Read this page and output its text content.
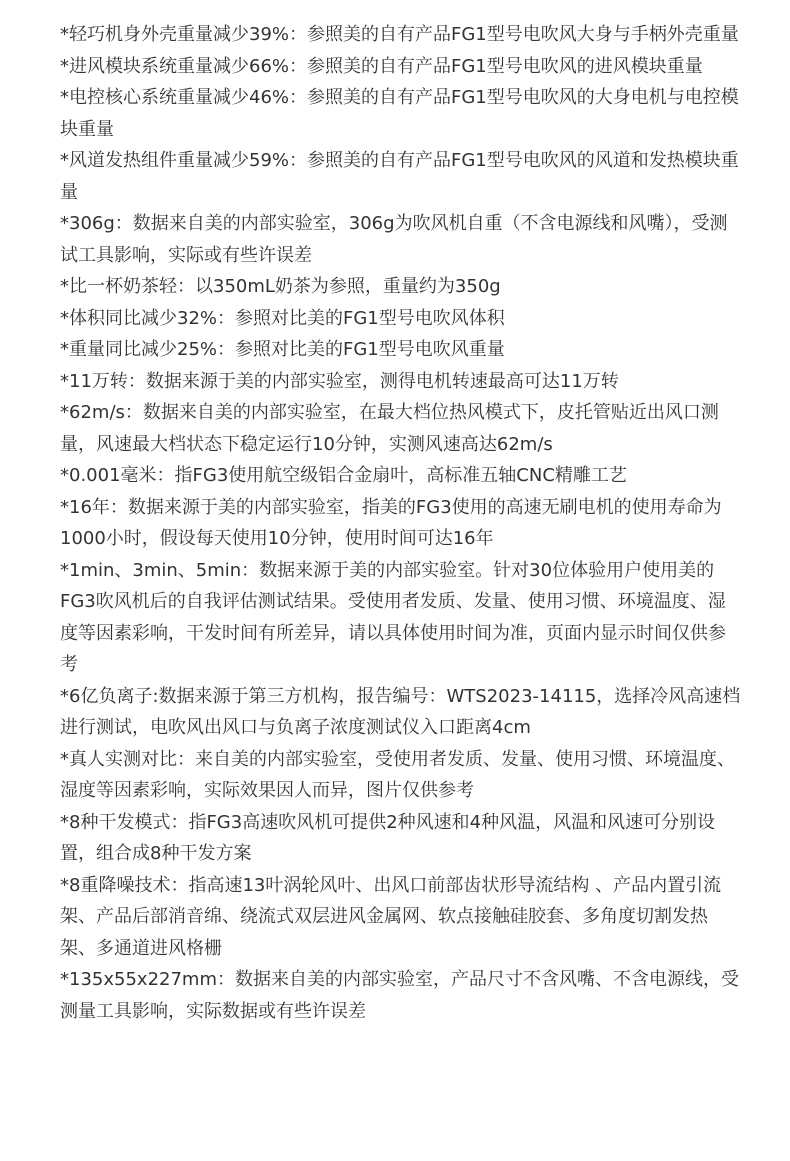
*轻巧机身外壳重量减少39%：参照美的自有产品FG1型号电吹风大身与手柄外壳重量
*进风模块系统重量减少66%：参照美的自有产品FG1型号电吹风的进风模块重量
*电控核心系统重量减少46%：参照美的自有产品FG1型号电吹风的大身电机与电控模
块重量
*风道发热组件重量减少59%：参照美的自有产品FG1型号电吹风的风道和发热模块重
量
*306g：数据来自美的内部实验室，306g为吹风机自重（不含电源线和风嘴），受测
试工具影响，实际或有些许误差
*比一杯奶茶轻：以350mL奶茶为参照，重量约为350g
*体积同比减少32%：参照对比美的FG1型号电吹风体积
*重量同比减少25%：参照对比美的FG1型号电吹风重量
*11万转：数据来源于美的内部实验室，测得电机转速最高可达11万转
*62m/s：数据来自美的内部实验室，在最大档位热风模式下，皮托管贴近出风口测
量，风速最大档状态下稳定运行10分钟，实测风速高达62m/s
*0.001毫米：指FG3使用航空级铝合金扇叶，高标准五轴CNC精雕工艺
*16年：数据来源于美的内部实验室，指美的FG3使用的高速无刷电机的使用寿命为
1000小时，假设每天使用10分钟，使用时间可达16年
*1min、3min、5min：数据来源于美的内部实验室。针对30位体验用户使用美的
FG3吹风机后的自我评估测试结果。受使用者发质、发量、使用习惯、环境温度、湿
度等因素彩响，干发时间有所差异，请以具体使用时间为准，页面内显示时间仅供参
考
*6亿负离子:数据来源于第三方机构，报告编号：WTS2023-14115，选择冷风高速档
进行测试，电吹风出风口与负离子浓度测试仪入口距离4cm
*真人实测对比：来自美的内部实验室，受使用者发质、发量、使用习惯、环境温度、
湿度等因素彩响，实际效果因人而异，图片仅供参考
*8种干发模式：指FG3高速吹风机可提供2种风速和4种风温，风温和风速可分别设
置，组合成8种干发方案
*8重降噪技术：指高速13叶涡轮风叶、出风口前部齿状形导流结构 、产品内置引流
架、产品后部消音绵、绕流式双层进风金属网、软点接触硅胶套、多角度切割发热
架、多通道进风格栅
*135x55x227mm：数据来自美的内部实验室，产品尺寸不含风嘴、不含电源线，受
测量工具影响，实际数据或有些许误差
